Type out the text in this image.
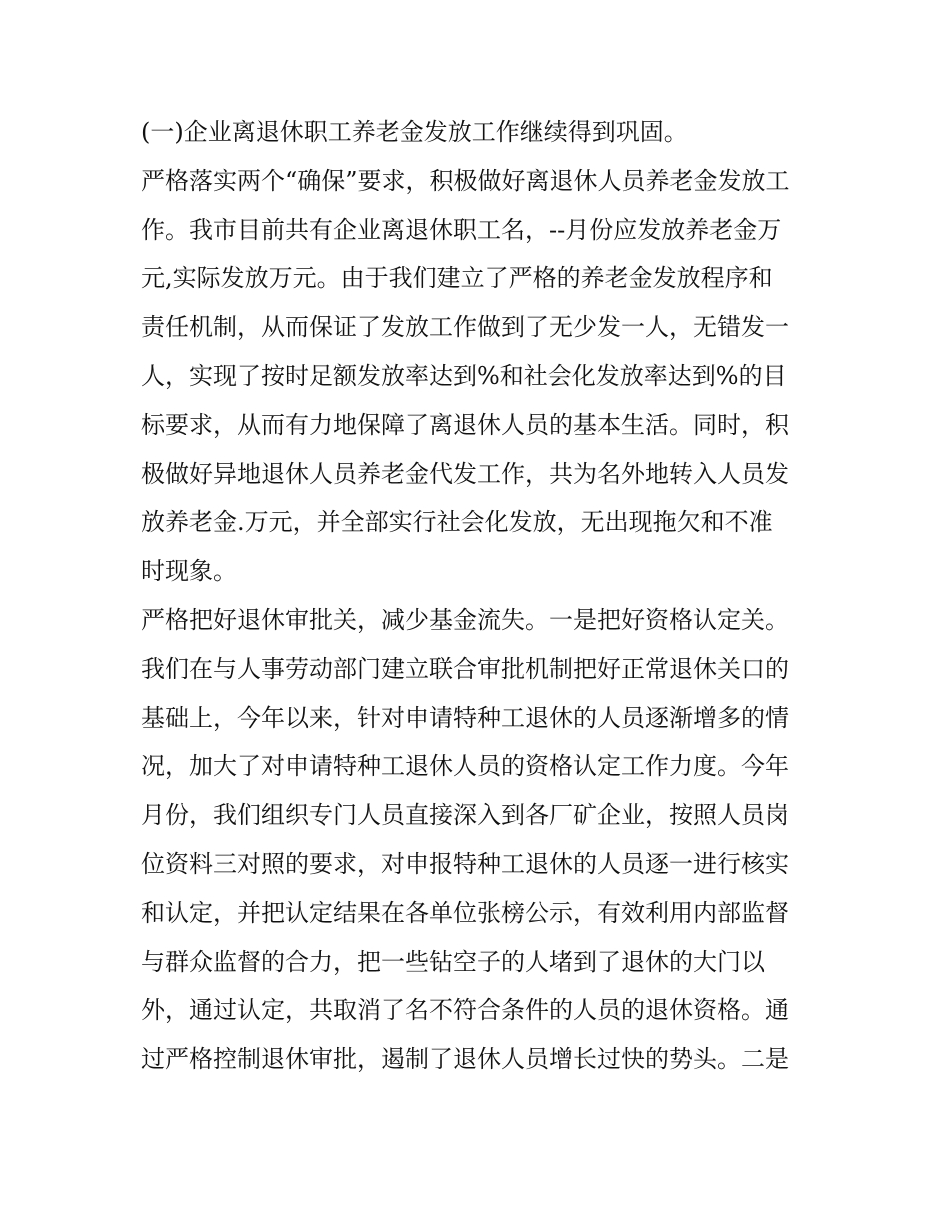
(一)企业离退休职工养老金发放工作继续得到巩固。
严格落实两个“确保”要求，积极做好离退休人员养老金发放工
作。我市目前共有企业离退休职工名，--月份应发放养老金万
元,实际发放万元。由于我们建立了严格的养老金发放程序和
责任机制，从而保证了发放工作做到了无少发一人，无错发一
人，实现了按时足额发放率达到%和社会化发放率达到%的目
标要求，从而有力地保障了离退休人员的基本生活。同时，积
极做好异地退休人员养老金代发工作，共为名外地转入人员发
放养老金.万元，并全部实行社会化发放，无出现拖欠和不准
时现象。
严格把好退休审批关，减少基金流失。一是把好资格认定关。
我们在与人事劳动部门建立联合审批机制把好正常退休关口的
基础上，今年以来，针对申请特种工退休的人员逐渐增多的情
况，加大了对申请特种工退休人员的资格认定工作力度。今年
月份，我们组织专门人员直接深入到各厂矿企业，按照人员岗
位资料三对照的要求，对申报特种工退休的人员逐一进行核实
和认定，并把认定结果在各单位张榜公示，有效利用内部监督
与群众监督的合力，把一些钻空子的人堵到了退休的大门以
外，通过认定，共取消了名不符合条件的人员的退休资格。通
过严格控制退休审批，遏制了退休人员增长过快的势头。二是
